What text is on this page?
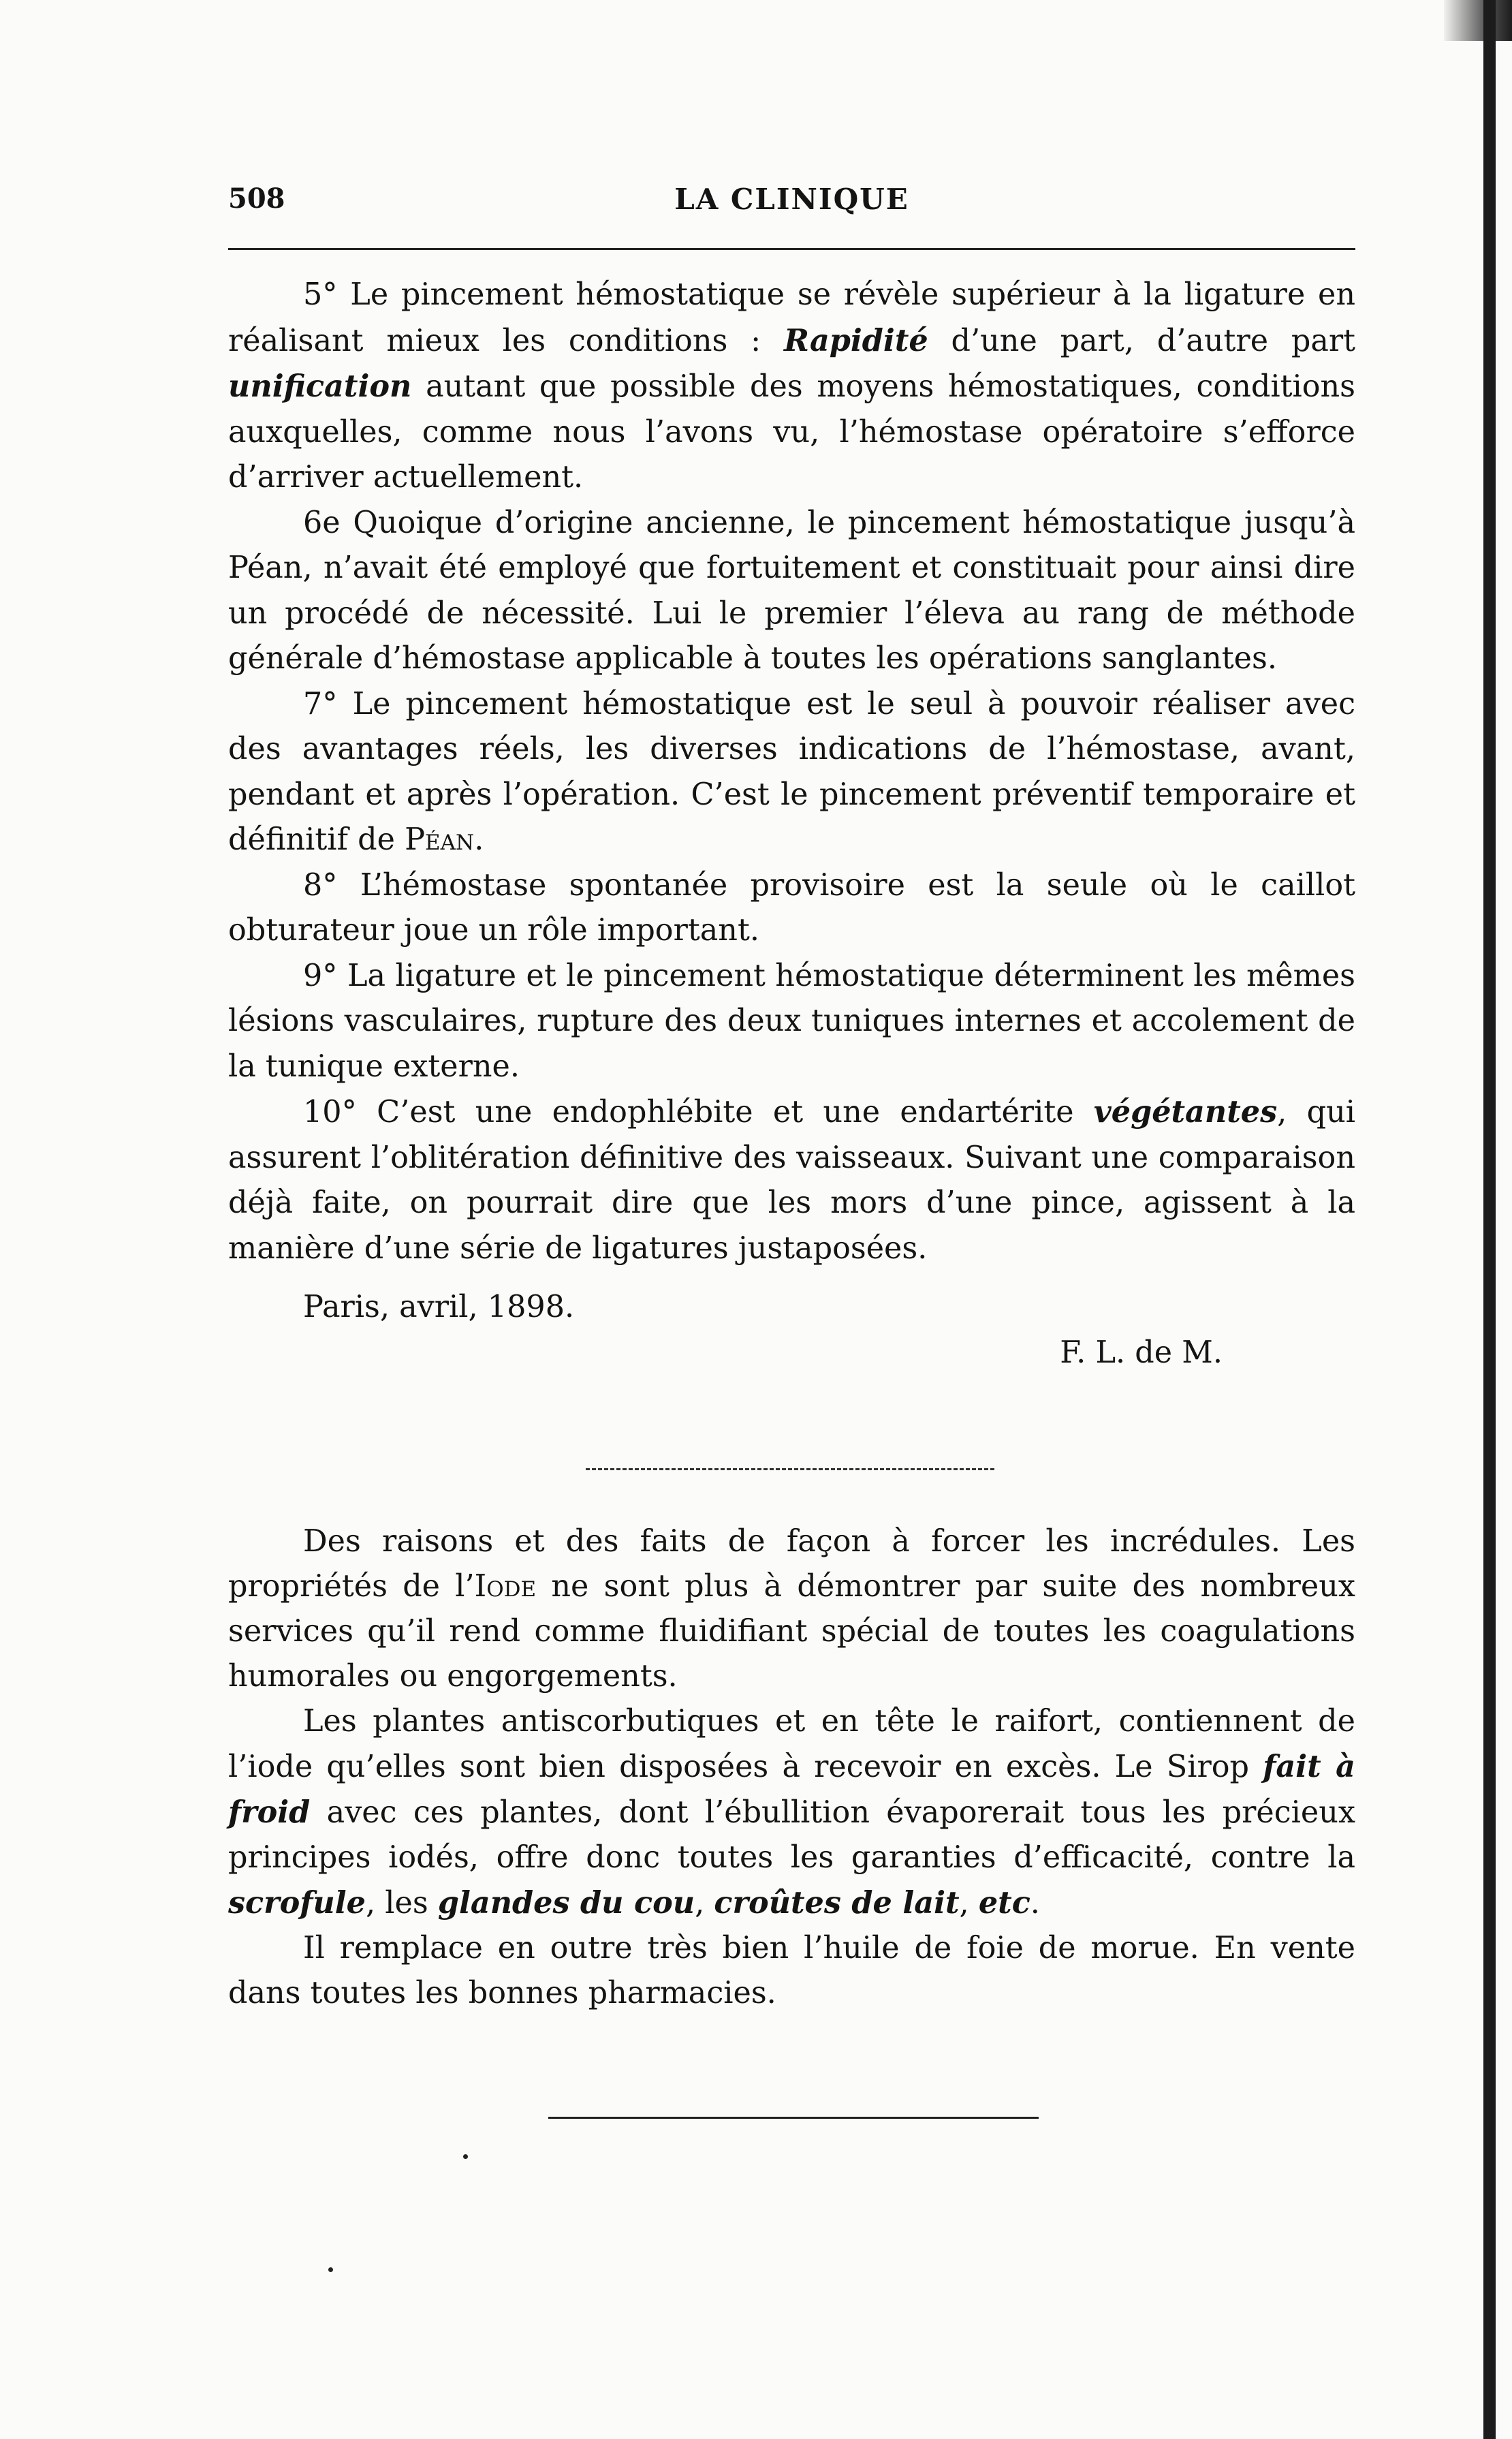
508	LA CLINIQUE

5° Le pincement hémostatique se révèle supérieur à la ligature en réalisant mieux les conditions : Rapidité d’une part, d’autre part unification autant que possible des moyens hémostatiques, conditions auxquelles, comme nous l’avons vu, l’hémostase opératoire s’efforce d’arriver actuellement.

6e Quoique d’origine ancienne, le pincement hémostatique jusqu’à Péan, n’avait été employé que fortuitement et constituait pour ainsi dire un procédé de nécessité. Lui le premier l’éleva au rang de méthode générale d’hémostase applicable à toutes les opérations sanglantes.

7° Le pincement hémostatique est le seul à pouvoir réaliser avec des avantages réels, les diverses indications de l’hémostase, avant, pendant et après l’opération. C’est le pincement préventif temporaire et définitif de Péan.

8° L’hémostase spontanée provisoire est la seule où le caillot obturateur joue un rôle important.

9° La ligature et le pincement hémostatique déterminent les mêmes lésions vasculaires, rupture des deux tuniques internes et accolement de la tunique externe.

10° C’est une endophlébite et une endartérite végétantes, qui assurent l’oblitération définitive des vaisseaux. Suivant une comparaison déjà faite, on pourrait dire que les mors d’une pince, agissent à la manière d’une série de ligatures justaposées.

Paris, avril, 1898.

F. L. de M.

Des raisons et des faits de façon à forcer les incrédules. Les propriétés de l’Iode ne sont plus à démontrer par suite des nombreux services qu’il rend comme fluidifiant spécial de toutes les coagulations humorales ou engorgements.

Les plantes antiscorbutiques et en tête le raifort, contiennent de l’iode qu’elles sont bien disposées à recevoir en excès. Le Sirop fait à froid avec ces plantes, dont l’ébullition évaporerait tous les précieux principes iodés, offre donc toutes les garanties d’efficacité, contre la scrofule, les glandes du cou, croûtes de lait, etc.

Il remplace en outre très bien l’huile de foie de morue. En vente dans toutes les bonnes pharmacies.
